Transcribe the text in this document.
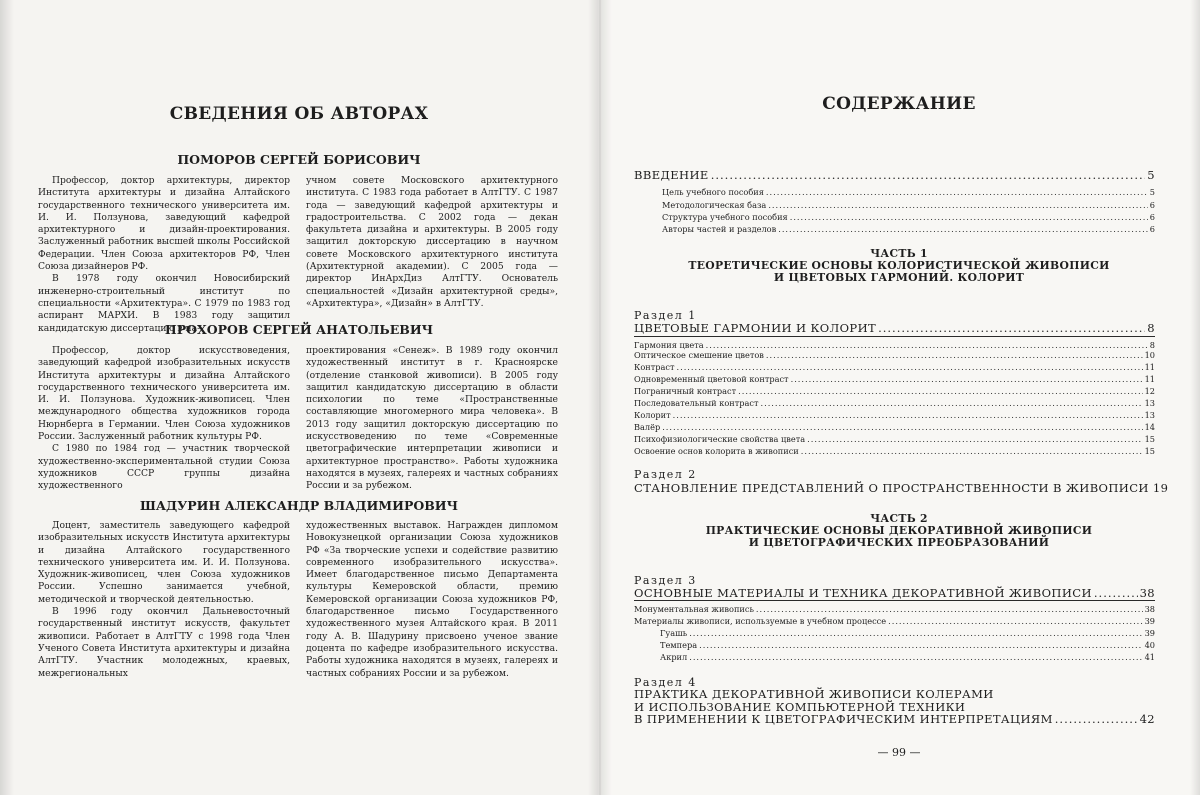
СВЕДЕНИЯ ОБ АВТОРАХ
ПОМОРОВ СЕРГЕЙ БОРИСОВИЧ

Профессор, доктор архитектуры, директор Института архитектуры и дизайна Алтайского государственного технического университета им. И. И. Ползунова, заведующий кафедрой архитектурного и дизайн-проектирования. Заслуженный работник высшей школы Российской Федерации. Член Союза архитекторов РФ, Член Союза дизайнеров РФ.

В 1978 году окончил Новосибирский инженерно-строительный институт по специальности «Архитектура». С 1979 по 1983 год аспирант МАРХИ. В 1983 году защитил кандидатскую диссертацию в на-

учном совете Московского архитектурного института. С 1983 года работает в АлтГТУ. С 1987 года — заведующий кафедрой архитектуры и градостроительства. С 2002 года — декан факультета дизайна и архитектуры. В 2005 году защитил докторскую диссертацию в научном совете Московского архитектурного института (Архитектурной академии). С 2005 года — директор ИнАрхДиз АлтГТУ. Основатель специальностей «Дизайн архитектурной среды», «Архитектура», «Дизайн» в АлтГТУ.

ПРОХОРОВ СЕРГЕЙ АНАТОЛЬЕВИЧ

Профессор, доктор искусствоведения, заведующий кафедрой изобразительных искусств Института архитектуры и дизайна Алтайского государственного технического университета им. И. И. Ползунова. Художник-живописец. Член международного общества художников города Нюрнберга в Германии. Член Союза художников России. Заслуженный работник культуры РФ.

С 1980 по 1984 год — участник творческой художественно-экспериментальной студии Союза художников СССР группы дизайна художественного

проектирования «Сенеж». В 1989 году окончил художественный институт в г. Красноярске (отделение станковой живописи). В 2005 году защитил кандидатскую диссертацию в области психологии по теме «Пространственные составляющие многомерного мира человека». В 2013 году защитил докторскую диссертацию по искусствоведению по теме «Современные цветографические интерпретации живописи и архитектурное пространство». Работы художника находятся в музеях, галереях и частных собраниях России и за рубежом.

ШАДУРИН АЛЕКСАНДР ВЛАДИМИРОВИЧ

Доцент, заместитель заведующего кафедрой изобразительных искусств Института архитектуры и дизайна Алтайского государственного технического университета им. И. И. Ползунова. Художник-живописец, член Союза художников России. Успешно занимается учебной, методической и творческой деятельностью.

В 1996 году окончил Дальневосточный государственный институт искусств, факультет живописи. Работает в АлтГТУ с 1998 года Член Ученого Совета Института архитектуры и дизайна АлтГТУ. Участник молодежных, краевых, межрегиональных

художественных выставок. Награжден дипломом Новокузнецкой организации Союза художников РФ «За творческие успехи и содействие развитию современного изобразительного искусства». Имеет благодарственное письмо Департамента культуры Кемеровской области, премию Кемеровской организации Союза художников РФ, благодарственное письмо Государственного художественного музея Алтайского края. В 2011 году А. В. Шадурину присвоено ученое звание доцента по кафедре изобразительного искусства. Работы художника находятся в музеях, галереях и частных собраниях России и за рубежом.

СОДЕРЖАНИЕ
ВВЕДЕНИЕ .....	5
Цель учебного пособия .....	5
Методологическая база .....	6
Структура учебного пособия .....	6
Авторы частей и разделов .....	6
ЧАСТЬ 1
ТЕОРЕТИЧЕСКИЕ ОСНОВЫ КОЛОРИСТИЧЕСКОЙ ЖИВОПИСИ
И ЦВЕТОВЫХ ГАРМОНИЙ. КОЛОРИТ
Раздел 1
ЦВЕТОВЫЕ ГАРМОНИИ И КОЛОРИТ .....	8
Гармония цвета .....	8
Оптическое смешение цветов .....	10
Контраст .....	11
Одновременный цветовой контраст .....	11
Пограничный контраст .....	12
Последовательный контраст .....	13
Колорит .....	13
Валёр .....	14
Психофизиологические свойства цвета .....	15
Освоение основ колорита в живописи .....	15
Раздел 2
СТАНОВЛЕНИЕ ПРЕДСТАВЛЕНИЙ О ПРОСТРАНСТВЕННОСТИ В ЖИВОПИСИ 19
ЧАСТЬ 2
ПРАКТИЧЕСКИЕ ОСНОВЫ ДЕКОРАТИВНОЙ ЖИВОПИСИ
И ЦВЕТОГРАФИЧЕСКИХ ПРЕОБРАЗОВАНИЙ
Раздел 3
ОСНОВНЫЕ МАТЕРИАЛЫ И ТЕХНИКА ДЕКОРАТИВНОЙ ЖИВОПИСИ .....	38
Монументальная живопись .....	38
Материалы живописи, используемые в учебном процессе .....	39
Гуашь .....	39
Темпера .....	40
Акрил .....	41
Раздел 4
ПРАКТИКА ДЕКОРАТИВНОЙ ЖИВОПИСИ КОЛЕРАМИ
И ИСПОЛЬЗОВАНИЕ КОМПЬЮТЕРНОЙ ТЕХНИКИ
В ПРИМЕНЕНИИ К ЦВЕТОГРАФИЧЕСКИМ ИНТЕРПРЕТАЦИЯМ .....	42
— 99 —
